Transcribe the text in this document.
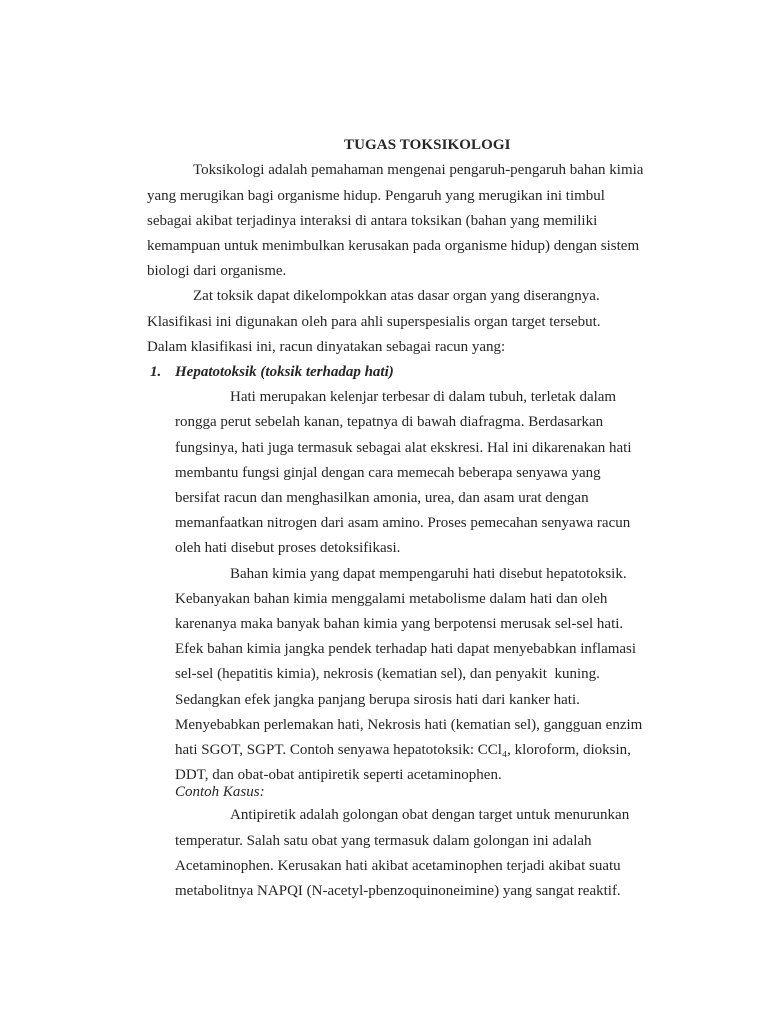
TUGAS TOKSIKOLOGI
Toksikologi adalah pemahaman mengenai pengaruh-pengaruh bahan kimia
yang merugikan bagi organisme hidup. Pengaruh yang merugikan ini timbul
sebagai akibat terjadinya interaksi di antara toksikan (bahan yang memiliki
kemampuan untuk menimbulkan kerusakan pada organisme hidup) dengan sistem
biologi dari organisme.
Zat toksik dapat dikelompokkan atas dasar organ yang diserangnya.
Klasifikasi ini digunakan oleh para ahli superspesialis organ target tersebut.
Dalam klasifikasi ini, racun dinyatakan sebagai racun yang:
1. Hepatotoksik (toksik terhadap hati)
Hati merupakan kelenjar terbesar di dalam tubuh, terletak dalam
rongga perut sebelah kanan, tepatnya di bawah diafragma. Berdasarkan
fungsinya, hati juga termasuk sebagai alat ekskresi. Hal ini dikarenakan hati
membantu fungsi ginjal dengan cara memecah beberapa senyawa yang
bersifat racun dan menghasilkan amonia, urea, dan asam urat dengan
memanfaatkan nitrogen dari asam amino. Proses pemecahan senyawa racun
oleh hati disebut proses detoksifikasi.
Bahan kimia yang dapat mempengaruhi hati disebut hepatotoksik.
Kebanyakan bahan kimia menggalami metabolisme dalam hati dan oleh
karenanya maka banyak bahan kimia yang berpotensi merusak sel-sel hati.
Efek bahan kimia jangka pendek terhadap hati dapat menyebabkan inflamasi
sel-sel (hepatitis kimia), nekrosis (kematian sel), dan penyakit  kuning.
Sedangkan efek jangka panjang berupa sirosis hati dari kanker hati.
Menyebabkan perlemakan hati, Nekrosis hati (kematian sel), gangguan enzim
hati SGOT, SGPT. Contoh senyawa hepatotoksik: CCl₄, kloroform, dioksin,
DDT, dan obat-obat antipiretik seperti acetaminophen.
Contoh Kasus:
Antipiretik adalah golongan obat dengan target untuk menurunkan
temperatur. Salah satu obat yang termasuk dalam golongan ini adalah
Acetaminophen. Kerusakan hati akibat acetaminophen terjadi akibat suatu
metabolitnya NAPQI (N-acetyl-pbenzoquinoneimine) yang sangat reaktif.
